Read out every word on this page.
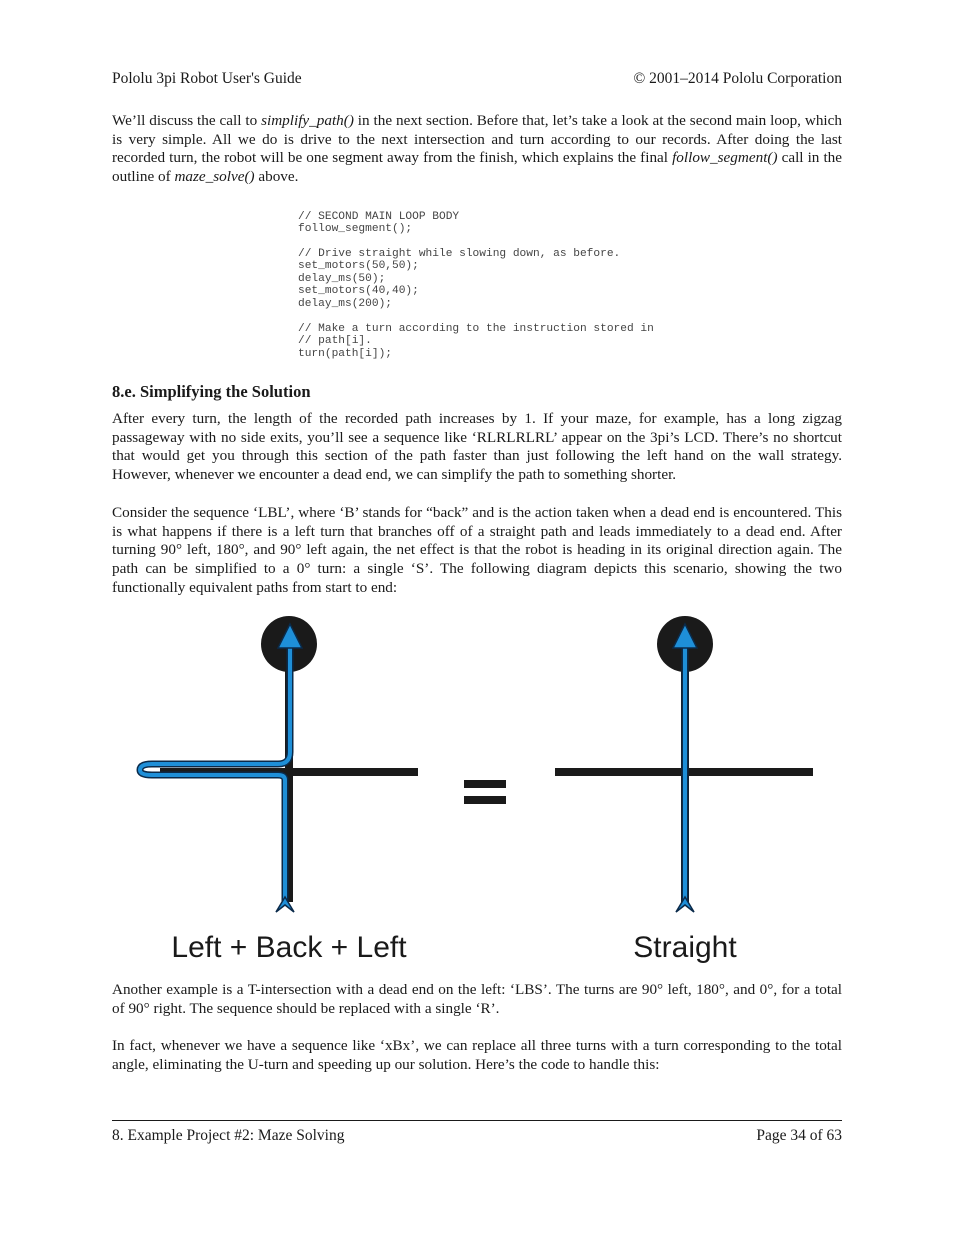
Pololu 3pi Robot User's Guide	© 2001–2014 Pololu Corporation

We’ll discuss the call to simplify_path() in the next section. Before that, let’s take a look at the second main loop, which is very simple. All we do is drive to the next intersection and turn according to our records. After doing the last recorded turn, the robot will be one segment away from the finish, which explains the final follow_segment() call in the outline of maze_solve() above.

// SECOND MAIN LOOP BODY
follow_segment();
// Drive straight while slowing down, as before.
set_motors(50,50);
delay_ms(50);
set_motors(40,40);
delay_ms(200);
// Make a turn according to the instruction stored in
// path[i].
turn(path[i]);
8.e. Simplifying the Solution

After every turn, the length of the recorded path increases by 1. If your maze, for example, has a long zigzag passageway with no side exits, you’ll see a sequence like ‘RLRLRLRL’ appear on the 3pi’s LCD. There’s no shortcut that would get you through this section of the path faster than just following the left hand on the wall strategy. However, whenever we encounter a dead end, we can simplify the path to something shorter.

Consider the sequence ‘LBL’, where ‘B’ stands for “back” and is the action taken when a dead end is encountered. This is what happens if there is a left turn that branches off of a straight path and leads immediately to a dead end. After turning 90° left, 180°, and 90° left again, the net effect is that the robot is heading in its original direction again. The path can be simplified to a 0° turn: a single ‘S’. The following diagram depicts this scenario, showing the two functionally equivalent paths from start to end:

Left + Back + Left	Straight

Another example is a T-intersection with a dead end on the left: ‘LBS’. The turns are 90° left, 180°, and 0°, for a total of 90° right. The sequence should be replaced with a single ‘R’.

In fact, whenever we have a sequence like ‘xBx’, we can replace all three turns with a turn corresponding to the total angle, eliminating the U-turn and speeding up our solution. Here’s the code to handle this:

8. Example Project #2: Maze Solving	Page 34 of 63
